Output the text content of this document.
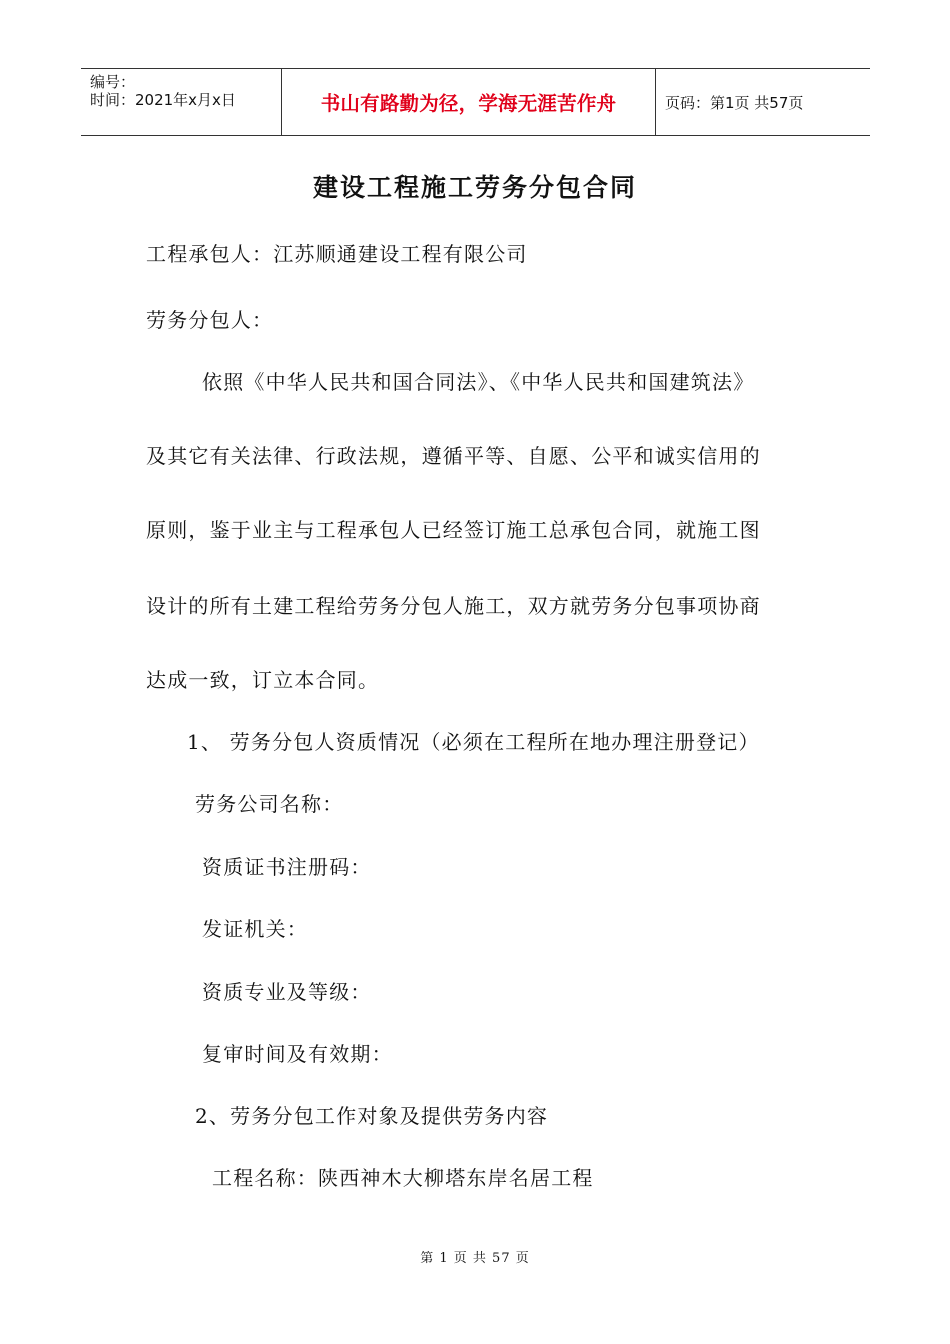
编号：
时间：2021年x月x日	书山有路勤为径，学海无涯苦作舟	页码：第1页 共57页
建设工程施工劳务分包合同
工程承包人：江苏顺通建设工程有限公司
劳务分包人：
依照《中华人民共和国合同法》、《中华人民共和国建筑法》
及其它有关法律、行政法规，遵循平等、自愿、公平和诚实信用的
原则，鉴于业主与工程承包人已经签订施工总承包合同，就施工图
设计的所有土建工程给劳务分包人施工，双方就劳务分包事项协商
达成一致，订立本合同。
1、 劳务分包人资质情况（必须在工程所在地办理注册登记）
劳务公司名称：
资质证书注册码：
发证机关：
资质专业及等级：
复审时间及有效期：
2、劳务分包工作对象及提供劳务内容
工程名称：陕西神木大柳塔东岸名居工程
第 1 页 共 57 页
